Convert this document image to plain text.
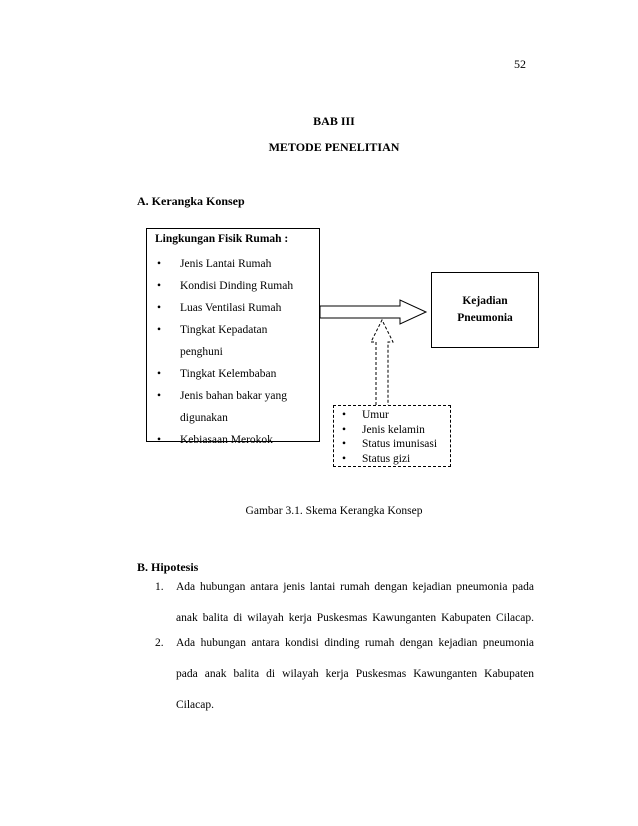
52
BAB III
METODE PENELITIAN
A. Kerangka Konsep
Lingkungan Fisik Rumah :
• Jenis Lantai Rumah
• Kondisi Dinding Rumah
• Luas Ventilasi Rumah
• Tingkat Kepadatan
penghuni
• Tingkat Kelembaban
• Jenis bahan bakar yang
digunakan
• Kebiasaan Merokok
Kejadian
Pneumonia
• Umur
• Jenis kelamin
• Status imunisasi
• Status gizi
Gambar 3.1. Skema Kerangka Konsep
B. Hipotesis
1. Ada hubungan antara jenis lantai rumah dengan kejadian pneumonia pada
anak balita di wilayah kerja Puskesmas Kawunganten Kabupaten Cilacap.
2. Ada hubungan antara kondisi dinding rumah dengan kejadian pneumonia
pada anak balita di wilayah kerja Puskesmas Kawunganten Kabupaten
Cilacap.
